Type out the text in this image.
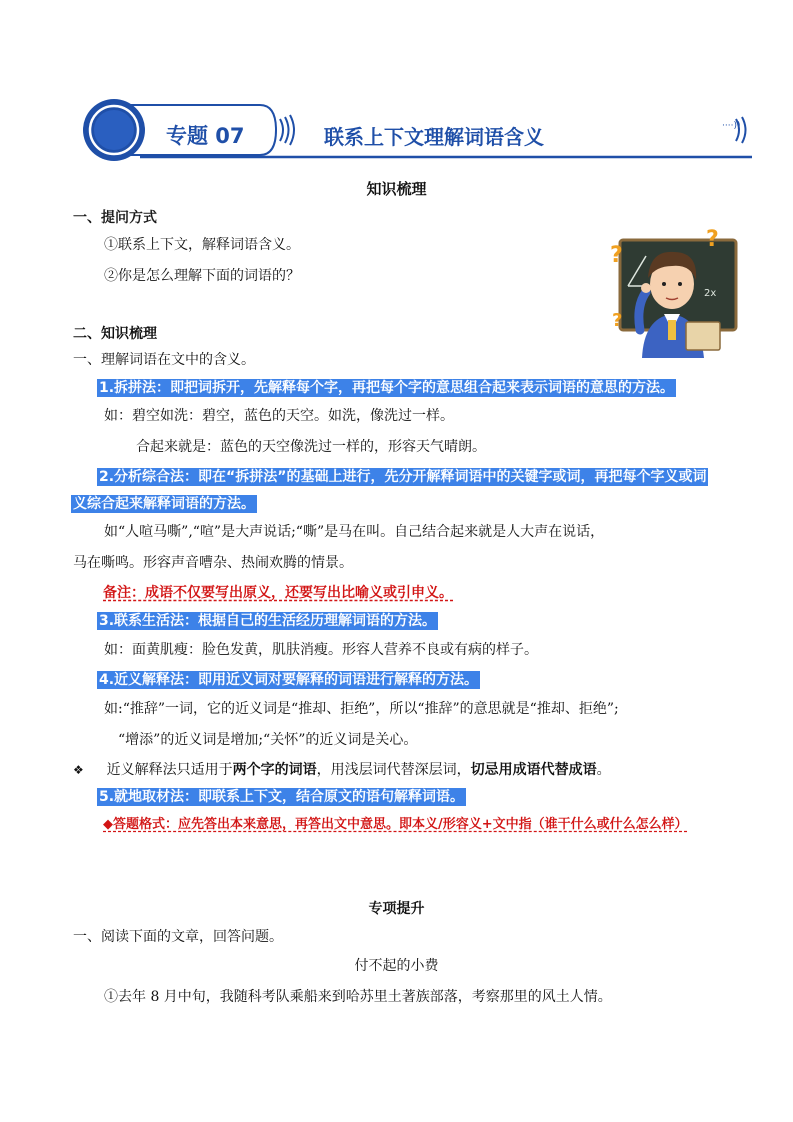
专题 07	联系上下文理解词语含义	····))
知识梳理
一、提问方式
①联系上下文，解释词语含义。
②你是怎么理解下面的词语的？
2x
?
?
?
二、知识梳理
一、理解词语在文中的含义。
1.拆拼法：即把词拆开，先解释每个字，再把每个字的意思组合起来表示词语的意思的方法。
如：碧空如洗：碧空，蓝色的天空。如洗，像洗过一样。
合起来就是：蓝色的天空像洗过一样的，形容天气晴朗。
2.分析综合法：即在“拆拼法”的基础上进行，先分开解释词语中的关键字或词，再把每个字义或词
义综合起来解释词语的方法。
如“人喧马嘶”,“喧”是大声说话;“嘶”是马在叫。自己结合起来就是人大声在说话，
马在嘶鸣。形容声音嘈杂、热闹欢腾的情景。
备注：成语不仅要写出原义，还要写出比喻义或引申义。
3.联系生活法：根据自己的生活经历理解词语的方法。
如：面黄肌瘦：脸色发黄，肌肤消瘦。形容人营养不良或有病的样子。
4.近义解释法：即用近义词对要解释的词语进行解释的方法。
如:“推辞”一词，它的近义词是“推却、拒绝”，所以“推辞”的意思就是“推却、拒绝”;
“增添”的近义词是增加;“关怀”的近义词是关心。
❖ 近义解释法只适用于两个字的词语，用浅层词代替深层词，切忌用成语代替成语。
5.就地取材法：即联系上下文，结合原文的语句解释词语。
◆答题格式：应先答出本来意思，再答出文中意思。即本义/形容义+文中指（谁干什么或什么怎么样）
专项提升
一、阅读下面的文章，回答问题。
付不起的小费
①去年 8 月中旬，我随科考队乘船来到哈苏里土著族部落，考察那里的风土人情。
